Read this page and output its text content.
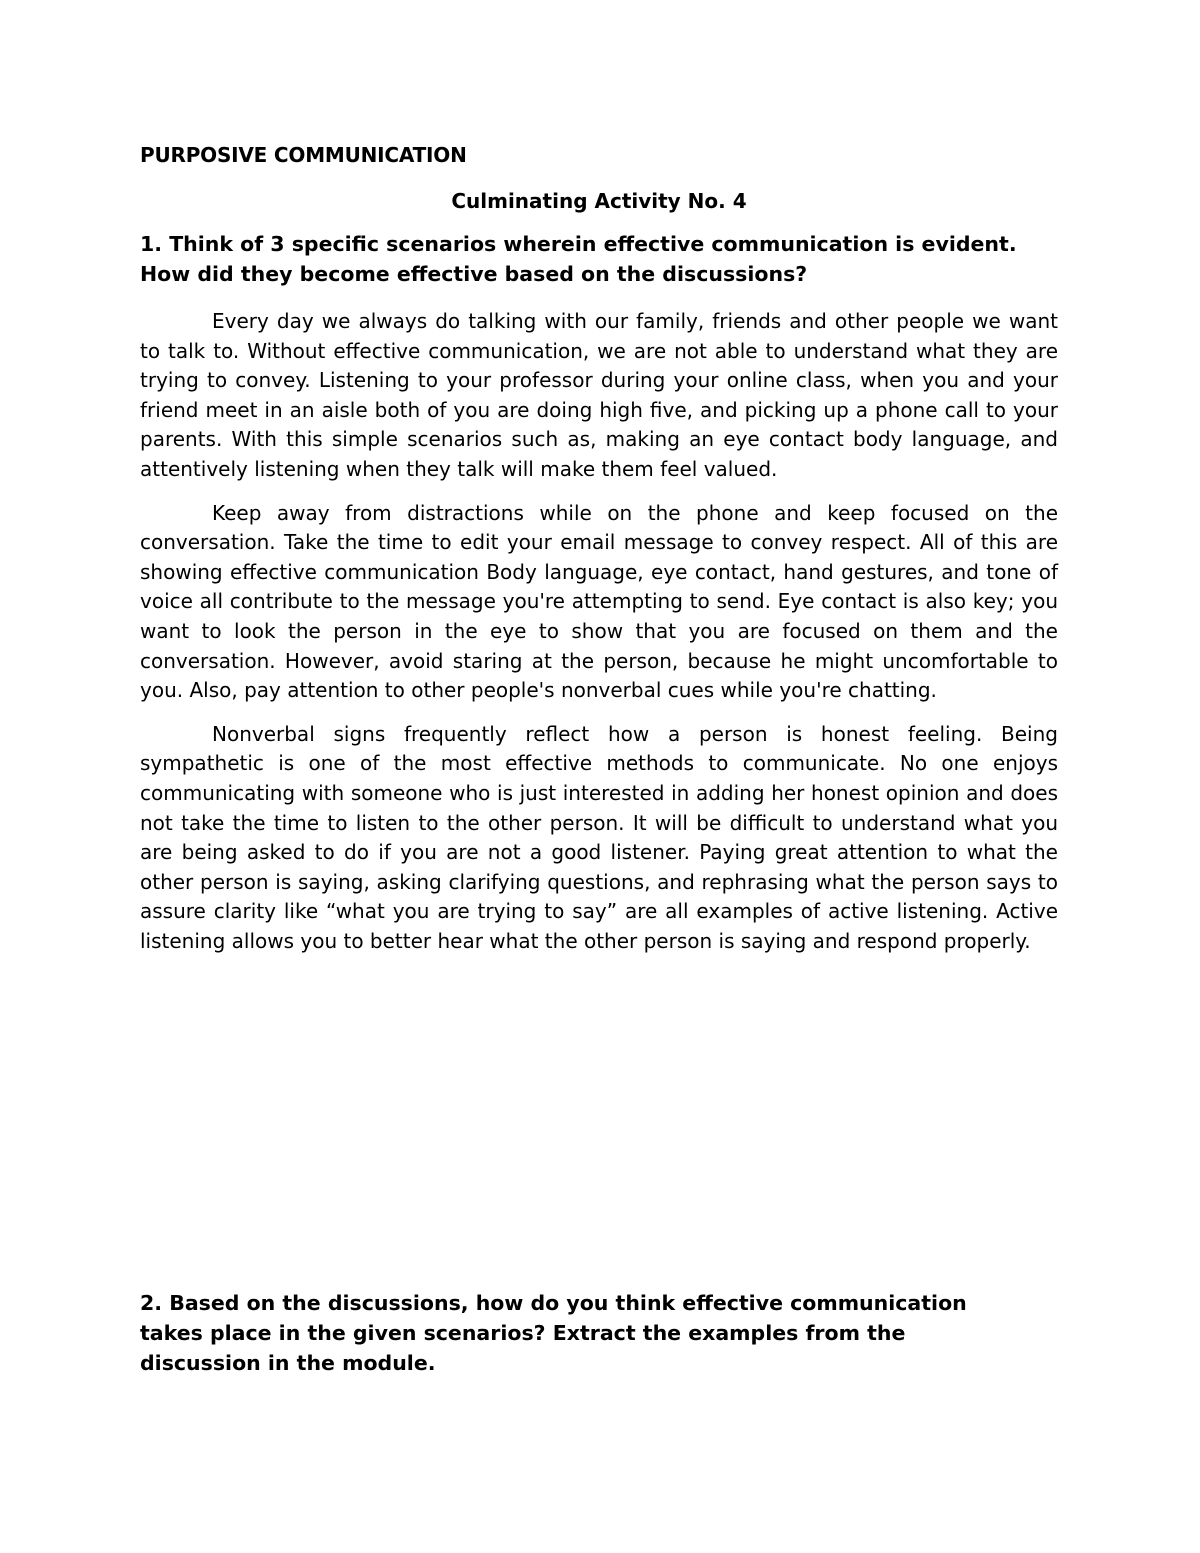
PURPOSIVE COMMUNICATION

Culminating Activity No. 4

1. Think of 3 specific scenarios wherein effective communication is evident. How did they become effective based on the discussions?

Every day we always do talking with our family, friends and other people we want to talk to. Without effective communication, we are not able to understand what they are trying to convey. Listening to your professor during your online class, when you and your friend meet in an aisle both of you are doing high five, and picking up a phone call to your parents. With this simple scenarios such as, making an eye contact body language, and attentively listening when they talk will make them feel valued.

Keep away from distractions while on the phone and keep focused on the conversation. Take the time to edit your email message to convey respect. All of this are showing effective communication Body language, eye contact, hand gestures, and tone of voice all contribute to the message you're attempting to send. Eye contact is also key; you want to look the person in the eye to show that you are focused on them and the conversation. However, avoid staring at the person, because he might uncomfortable to you. Also, pay attention to other people's nonverbal cues while you're chatting.

Nonverbal signs frequently reflect how a person is honest feeling. Being sympathetic is one of the most effective methods to communicate. No one enjoys communicating with someone who is just interested in adding her honest opinion and does not take the time to listen to the other person. It will be difficult to understand what you are being asked to do if you are not a good listener. Paying great attention to what the other person is saying, asking clarifying questions, and rephrasing what the person says to assure clarity like “what you are trying to say” are all examples of active listening. Active listening allows you to better hear what the other person is saying and respond properly.

2. Based on the discussions, how do you think effective communication takes place in the given scenarios? Extract the examples from the discussion in the module.
